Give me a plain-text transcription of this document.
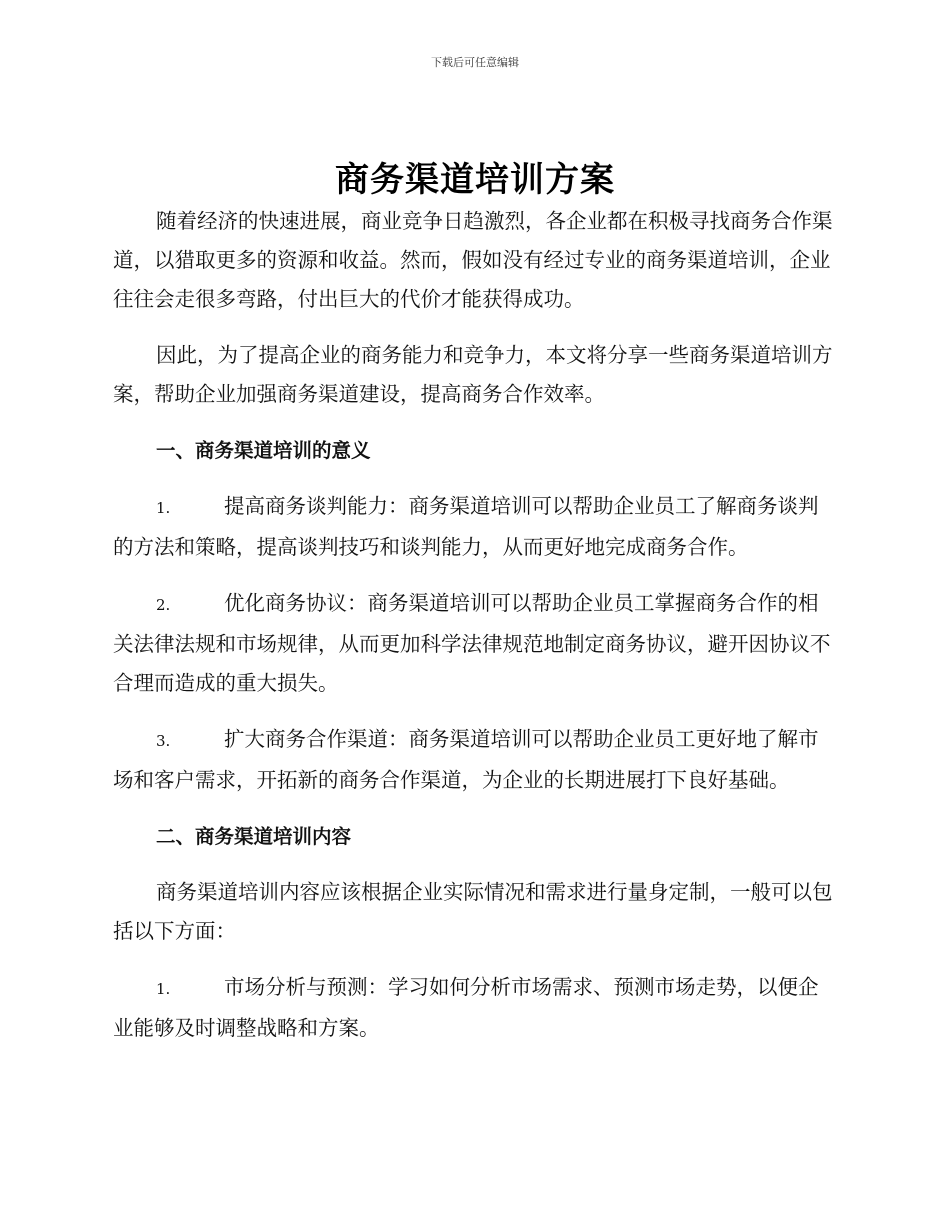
下载后可任意编辑
商务渠道培训方案

随着经济的快速进展，商业竞争日趋激烈，各企业都在积极寻找商务合作渠道，以猎取更多的资源和收益。然而，假如没有经过专业的商务渠道培训，企业往往会走很多弯路，付出巨大的代价才能获得成功。

因此，为了提高企业的商务能力和竞争力，本文将分享一些商务渠道培训方案，帮助企业加强商务渠道建设，提高商务合作效率。

一、商务渠道培训的意义

1.	提高商务谈判能力：商务渠道培训可以帮助企业员工了解商务谈判的方法和策略，提高谈判技巧和谈判能力，从而更好地完成商务合作。

2.	优化商务协议：商务渠道培训可以帮助企业员工掌握商务合作的相关法律法规和市场规律，从而更加科学法律规范地制定商务协议，避开因协议不合理而造成的重大损失。

3.	扩大商务合作渠道：商务渠道培训可以帮助企业员工更好地了解市场和客户需求，开拓新的商务合作渠道，为企业的长期进展打下良好基础。

二、商务渠道培训内容

商务渠道培训内容应该根据企业实际情况和需求进行量身定制，一般可以包括以下方面：

1.	市场分析与预测：学习如何分析市场需求、预测市场走势，以便企业能够及时调整战略和方案。
